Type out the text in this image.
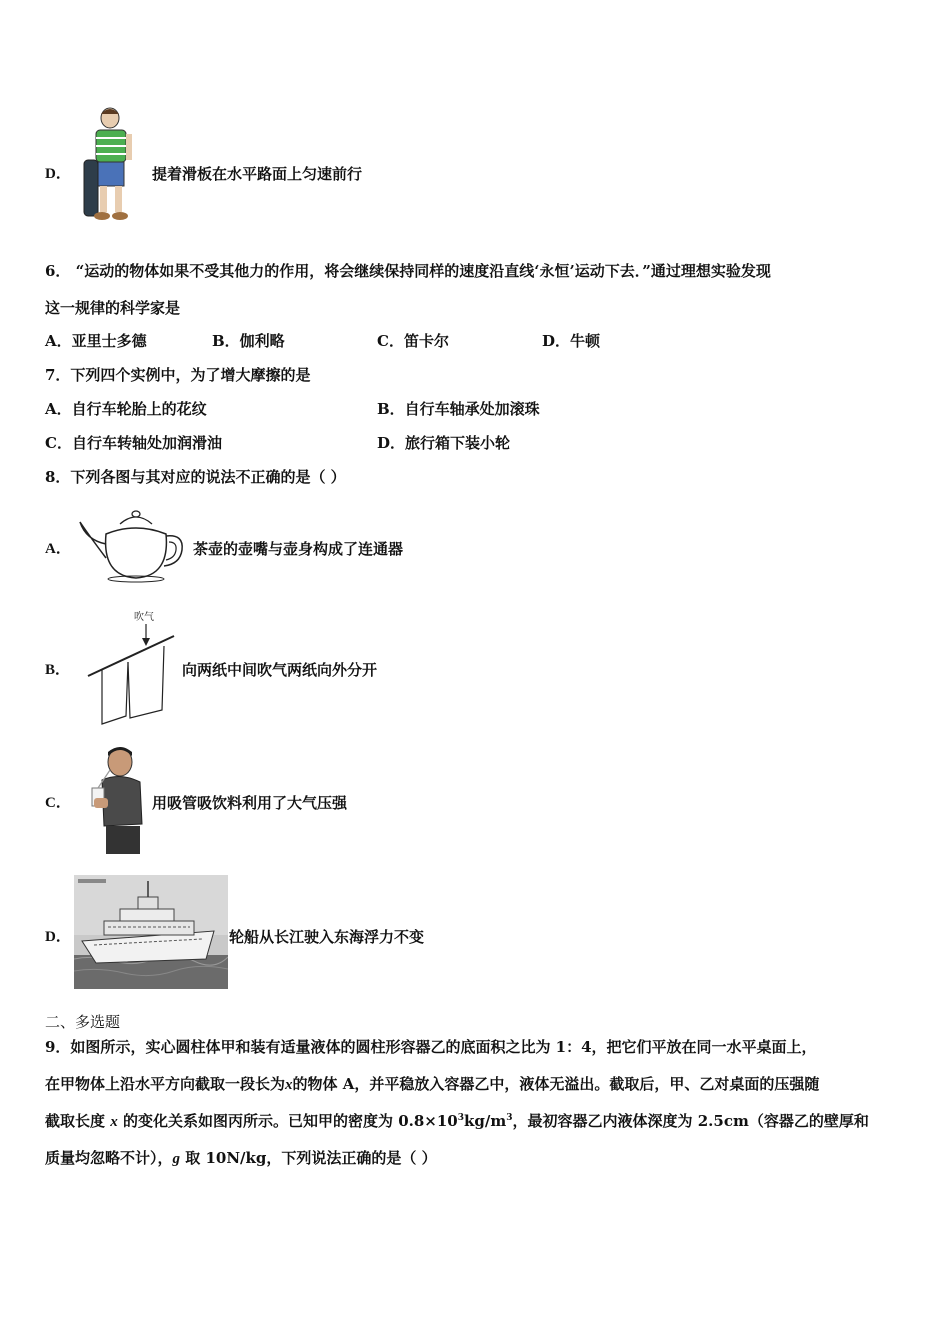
D．	提着滑板在水平路面上匀速前行
6． “运动的物体如果不受其他力的作用，将会继续保持同样的速度沿直线‘永恒’运动下去．”通过理想实验发现
这一规律的科学家是
A．亚里士多德	B．伽利略	C．笛卡尔	D．牛顿
7．下列四个实例中，为了增大摩擦的是
A．自行车轮胎上的花纹	B．自行车轴承处加滚珠
C．自行车转轴处加润滑油	D．旅行箱下装小轮
8．下列各图与其对应的说法不正确的是（ ）
A．	茶壶的壶嘴与壶身构成了连通器
B．
吹气
向两纸中间吹气两纸向外分开
C．	用吸管吸饮料利用了大气压强
D．	轮船从长江驶入东海浮力不变
二、多选题
9．如图所示，实心圆柱体甲和装有适量液体的圆柱形容器乙的底面积之比为 1：4，把它们平放在同一水平桌面上，
在甲物体上沿水平方向截取一段长为x的物体 A，并平稳放入容器乙中，液体无溢出。截取后，甲、乙对桌面的压强随
截取长度 x 的变化关系如图丙所示。已知甲的密度为 $0.8\times 10^3kg/m^3$，最初容器乙内液体深度为 2.5cm（容器乙的壁厚和
质量均忽略不计），g 取 10N/kg，下列说法正确的是（ ）
